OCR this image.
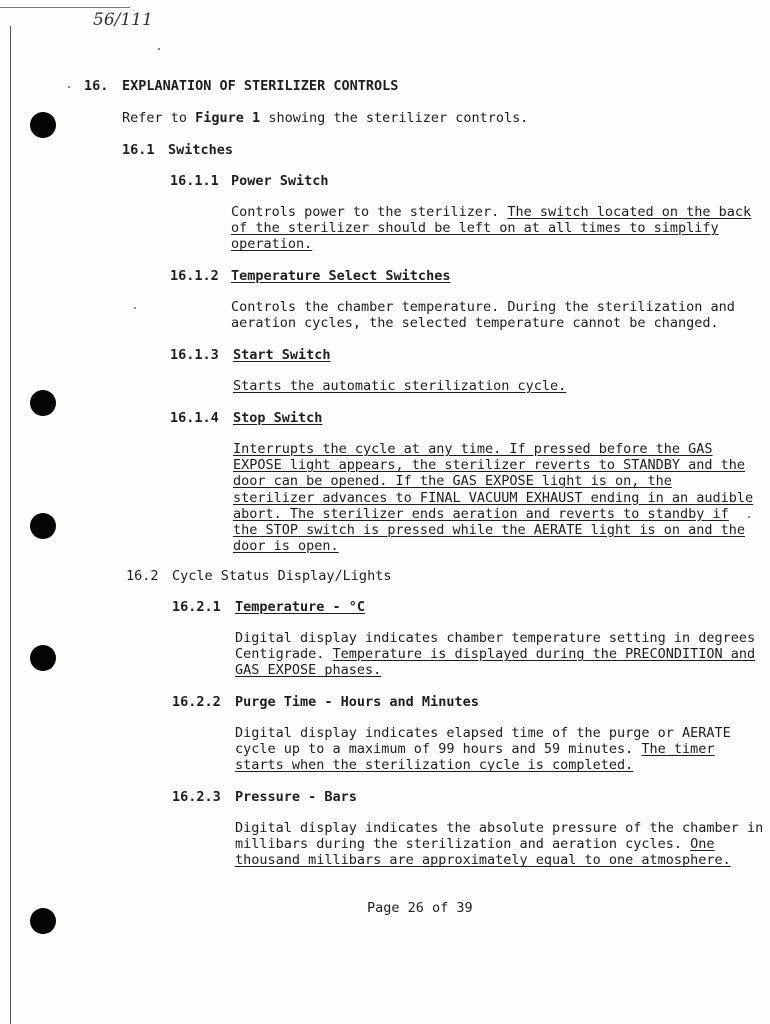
56/111
16. EXPLANATION OF STERILIZER CONTROLS
Refer to Figure 1 showing the sterilizer controls.
16.1 Switches
16.1.1 Power Switch
Controls power to the sterilizer. The switch located on the back
of the sterilizer should be left on at all times to simplify
operation.
16.1.2 Temperature Select Switches
Controls the chamber temperature. During the sterilization and
aeration cycles, the selected temperature cannot be changed.
16.1.3 Start Switch
Starts the automatic sterilization cycle.
16.1.4 Stop Switch
Interrupts the cycle at any time. If pressed before the GAS
EXPOSE light appears, the sterilizer reverts to STANDBY and the
door can be opened. If the GAS EXPOSE light is on, the
sterilizer advances to FINAL VACUUM EXHAUST ending in an audible
abort. The sterilizer ends aeration and reverts to standby if
the STOP switch is pressed while the AERATE light is on and the
door is open.
16.2 Cycle Status Display/Lights
16.2.1 Temperature - °C
Digital display indicates chamber temperature setting in degrees
Centigrade. Temperature is displayed during the PRECONDITION and
GAS EXPOSE phases.
16.2.2 Purge Time - Hours and Minutes
Digital display indicates elapsed time of the purge or AERATE
cycle up to a maximum of 99 hours and 59 minutes. The timer
starts when the sterilization cycle is completed.
16.2.3 Pressure - Bars
Digital display indicates the absolute pressure of the chamber in
millibars during the sterilization and aeration cycles. One
thousand millibars are approximately equal to one atmosphere.
Page 26 of 39
